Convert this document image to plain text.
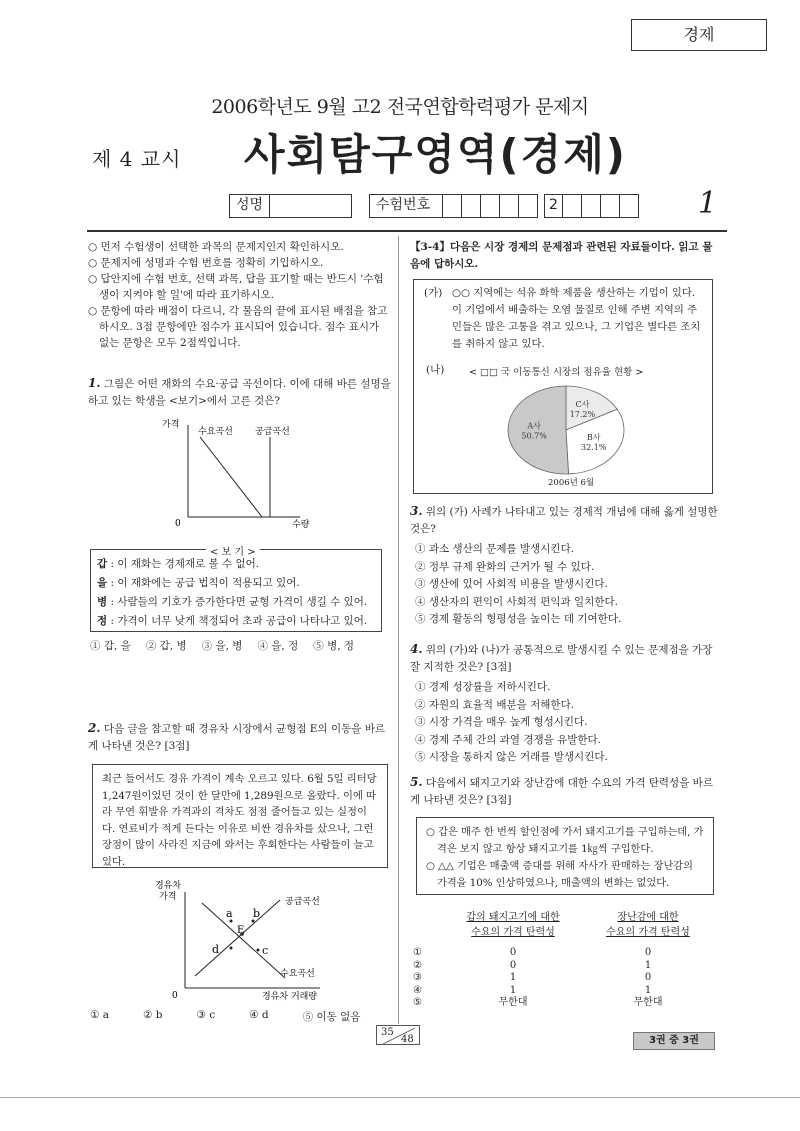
경제
2006학년도 9월 고2 전국연합학력평가 문제지
제 4 교시 사회탐구영역(경제)
성명	수험번호	2	1

○ 먼저 수험생이 선택한 과목의 문제지인지 확인하시오.

○ 문제지에 성명과 수험 번호를 정확히 기입하시오.

○ 답안지에 수험 번호, 선택 과목, 답을 표기할 때는 반드시 '수험생이 지켜야 할 일'에 따라 표기하시오.

○ 문항에 따라 배점이 다르니, 각 물음의 끝에 표시된 배점을 참고하시오. 3점 문항에만 점수가 표시되어 있습니다. 점수 표시가 없는 문항은 모두 2점씩입니다.

1. 그림은 어떤 재화의 수요·공급 곡선이다. 이에 대해 바른 설명을 하고 있는 학생을 <보기>에서 고른 것은?
가격
수요곡선 공급곡선
0	수량
갑 : 이 재화는 경제재로 볼 수 없어.
을 : 이 재화에는 공급 법칙이 적용되고 있어.
병 : 사람들의 기호가 증가한다면 균형 가격이 생길 수 있어.
정 : 가격이 너무 낮게 책정되어 초과 공급이 나타나고 있어.
< 보 기 >
① 갑, 을 ② 갑, 병 ③ 을, 병 ④ 을, 정 ⑤ 병, 정
2. 다음 글을 참고할 때 경유차 시장에서 균형점 E의 이동을 바르게 나타낸 것은? [3점]
최근 들어서도 경유 가격이 계속 오르고 있다. 6월 5일 리터당 1,247원이었던 것이 한 달만에 1,289원으로 올랐다. 이에 따라 무연 휘발유 가격과의 격차도 점점 줄어들고 있는 실정이다. 연료비가 적게 든다는 이유로 비싼 경유차를 샀으나, 그런 장점이 많이 사라진 지금에 와서는 후회한다는 사람들이 늘고 있다.
경유차
가격	공급곡선
수요곡선
E
a b
d	c
0	경유차 거래량
① a	② b	③ c	④ d	⑤ 이동 없음
【3-4】다음은 시장 경제의 문제점과 관련된 자료들이다. 읽고 물음에 답하시오.
(가) ○○ 지역에는 석유 화학 제품을 생산하는 기업이 있다. 이 기업에서 배출하는 오염 물질로 인해 주변 지역의 주민들은 많은 고통을 겪고 있으나, 그 기업은 별다른 조치를 취하지 않고 있다.
(나)	< □□ 국 이동통신 시장의 점유율 현황 >
A사
50.7%	B사
32.1%
C사
17.2%
2006년 6월
3. 위의 (가) 사례가 나타내고 있는 경제적 개념에 대해 옳게 설명한 것은?

① 과소 생산의 문제를 발생시킨다.

② 정부 규제 완화의 근거가 될 수 있다.

③ 생산에 있어 사회적 비용을 발생시킨다.

④ 생산자의 편익이 사회적 편익과 일치한다.

⑤ 경제 활동의 형평성을 높이는 데 기여한다.

4. 위의 (가)와 (나)가 공통적으로 발생시킬 수 있는 문제점을 가장 잘 지적한 것은? [3점]

① 경제 성장률을 저하시킨다.

② 자원의 효율적 배분을 저해한다.

③ 시장 가격을 매우 높게 형성시킨다.

④ 경제 주체 간의 과열 경쟁을 유발한다.

⑤ 시장을 통하지 않은 거래를 발생시킨다.

5. 다음에서 돼지고기와 장난감에 대한 수요의 가격 탄력성을 바르게 나타낸 것은? [3점]

○ 갑은 매주 한 번씩 할인점에 가서 돼지고기를 구입하는데, 가격은 보지 않고 항상 돼지고기를 1㎏씩 구입한다.

○ △△ 기업은 매출액 증대를 위해 자사가 판매하는 장난감의 가격을 10% 인상하였으나, 매출액의 변화는 없었다.

갑의 돼지고기에 대한	장난감에 대한
수요의 가격 탄력성	수요의 가격 탄력성
①	0	0
②	0	1
③	1	0
④	1	1
⑤	무한대	무한대
35
48	3권 중 3권
